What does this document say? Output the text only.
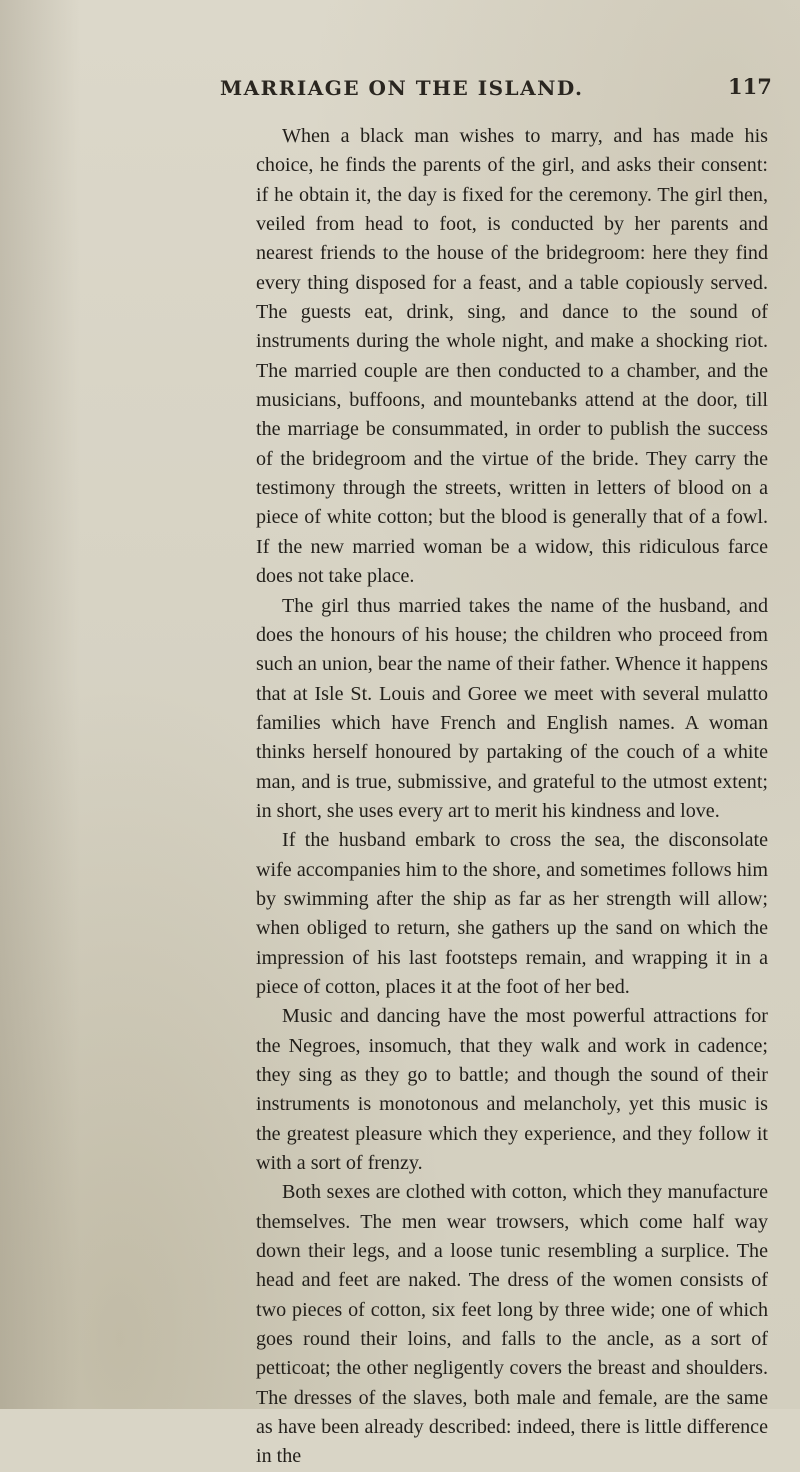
MARRIAGE ON THE ISLAND.	117

When a black man wishes to marry, and has made his choice, he finds the parents of the girl, and asks their consent: if he obtain it, the day is fixed for the ceremony. The girl then, veiled from head to foot, is conducted by her parents and nearest friends to the house of the bridegroom: here they find every thing disposed for a feast, and a table copiously served. The guests eat, drink, sing, and dance to the sound of instruments during the whole night, and make a shocking riot. The married couple are then conducted to a chamber, and the musicians, buffoons, and mountebanks attend at the door, till the marriage be consummated, in order to publish the success of the bridegroom and the virtue of the bride. They carry the testimony through the streets, written in letters of blood on a piece of white cotton; but the blood is generally that of a fowl. If the new married woman be a widow, this ridiculous farce does not take place.

The girl thus married takes the name of the husband, and does the honours of his house; the children who proceed from such an union, bear the name of their father. Whence it happens that at Isle St. Louis and Goree we meet with several mulatto families which have French and English names. A woman thinks herself honoured by partaking of the couch of a white man, and is true, submissive, and grateful to the utmost extent; in short, she uses every art to merit his kindness and love.

If the husband embark to cross the sea, the disconsolate wife accompanies him to the shore, and sometimes follows him by swimming after the ship as far as her strength will allow; when obliged to return, she gathers up the sand on which the impression of his last footsteps remain, and wrapping it in a piece of cotton, places it at the foot of her bed.

Music and dancing have the most powerful attractions for the Negroes, insomuch, that they walk and work in cadence; they sing as they go to battle; and though the sound of their instruments is monotonous and melancholy, yet this music is the greatest pleasure which they experience, and they follow it with a sort of frenzy.

Both sexes are clothed with cotton, which they manufacture themselves. The men wear trowsers, which come half way down their legs, and a loose tunic resembling a surplice. The head and feet are naked. The dress of the women consists of two pieces of cotton, six feet long by three wide; one of which goes round their loins, and falls to the ancle, as a sort of petticoat; the other negligently covers the breast and shoulders. The dresses of the slaves, both male and female, are the same as have been already described: indeed, there is little difference in the
